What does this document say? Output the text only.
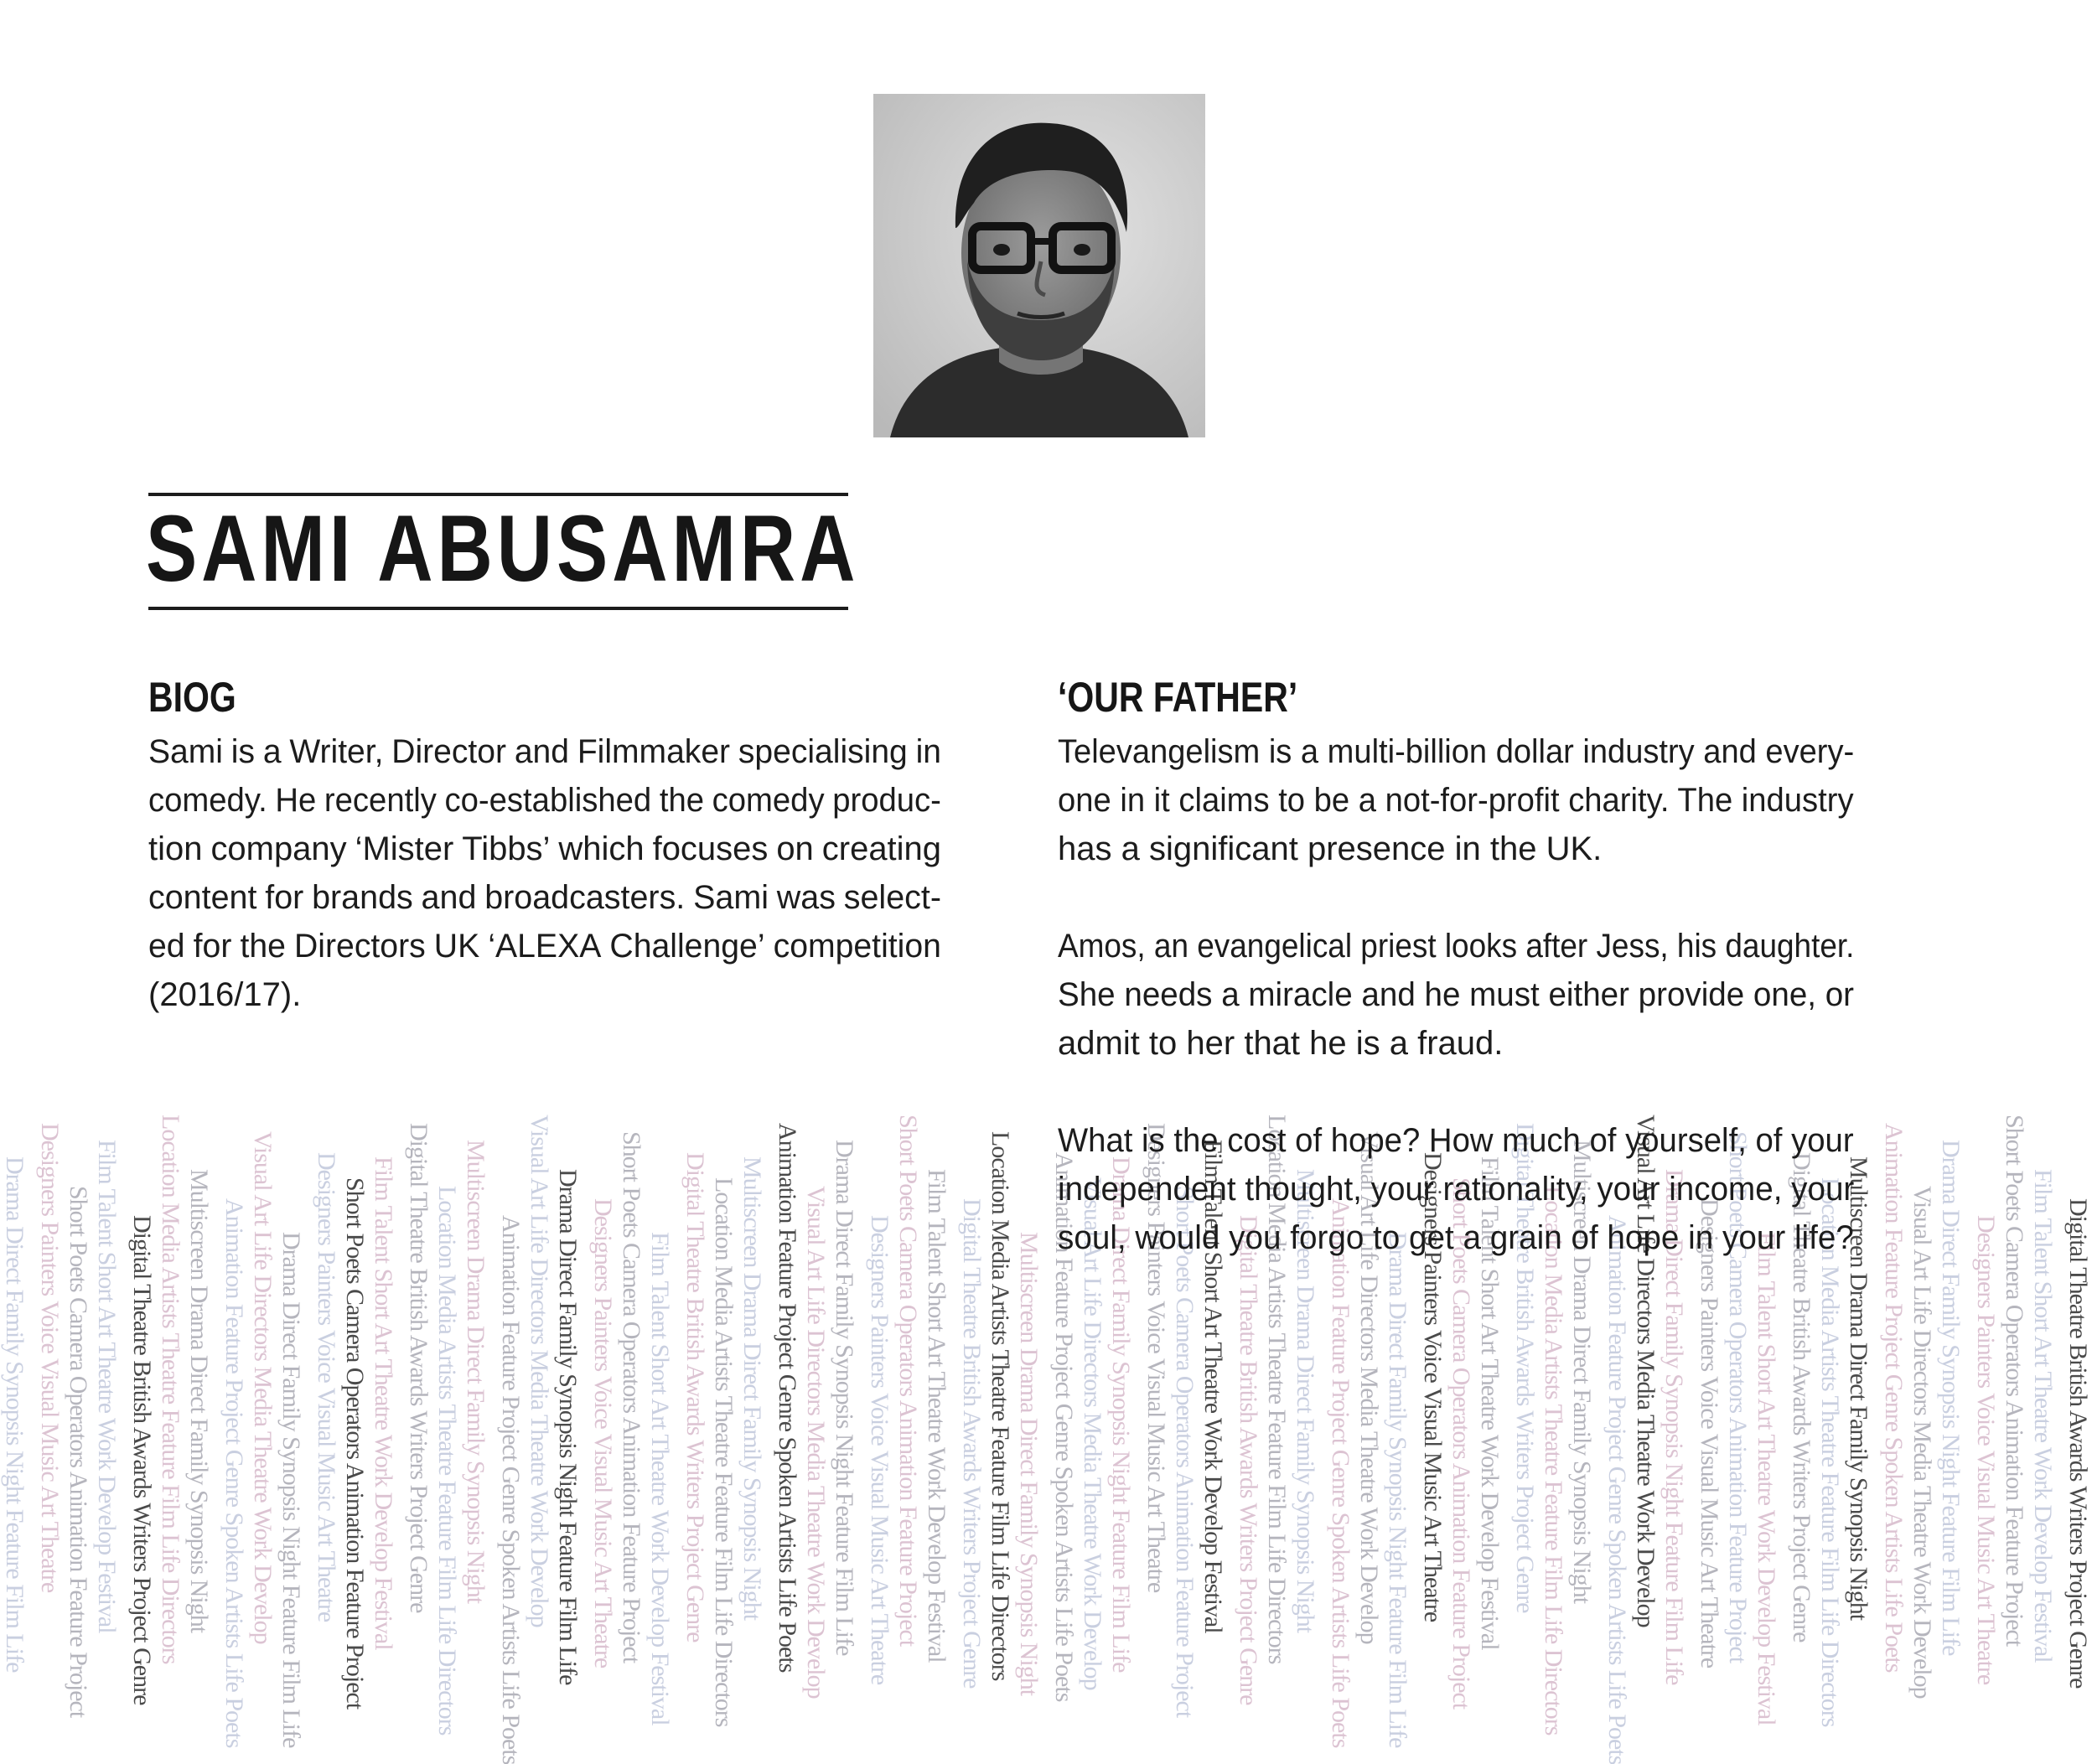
Drama Direct Family Synopsis Night Feature Film Life Designers Painters Voice Visual Music Art Theatre Short Poets Camera Operators Animation Feature Project Film Talent Short Art Theatre Work Develop Festival Digital Theatre British Awards Writers Project Genre Location Media Artists Theatre Feature Film Life Directors Multiscreen Drama Direct Family Synopsis Night Animation Feature Project Genre Spoken Artists Life Poets Visual Art Life Directors Media Theatre Work Develop Drama Direct Family Synopsis Night Feature Film Life Designers Painters Voice Visual Music Art Theatre Short Poets Camera Operators Animation Feature Project Film Talent Short Art Theatre Work Develop Festival Digital Theatre British Awards Writers Project Genre Location Media Artists Theatre Feature Film Life Directors Multiscreen Drama Direct Family Synopsis Night Animation Feature Project Genre Spoken Artists Life Poets Visual Art Life Directors Media Theatre Work Develop Drama Direct Family Synopsis Night Feature Film Life Designers Painters Voice Visual Music Art Theatre Short Poets Camera Operators Animation Feature Project Film Talent Short Art Theatre Work Develop Festival Digital Theatre British Awards Writers Project Genre Location Media Artists Theatre Feature Film Life Directors Multiscreen Drama Direct Family Synopsis Night Animation Feature Project Genre Spoken Artists Life Poets Visual Art Life Directors Media Theatre Work Develop Drama Direct Family Synopsis Night Feature Film Life Designers Painters Voice Visual Music Art Theatre Short Poets Camera Operators Animation Feature Project Film Talent Short Art Theatre Work Develop Festival Digital Theatre British Awards Writers Project Genre Location Media Artists Theatre Feature Film Life Directors Multiscreen Drama Direct Family Synopsis Night Animation Feature Project Genre Spoken Artists Life Poets Visual Art Life Directors Media Theatre Work Develop Drama Direct Family Synopsis Night Feature Film Life Designers Painters Voice Visual Music Art Theatre Short Poets Camera Operators Animation Feature Project Film Talent Short Art Theatre Work Develop Festival Digital Theatre British Awards Writers Project Genre Location Media Artists Theatre Feature Film Life Directors Multiscreen Drama Direct Family Synopsis Night Animation Feature Project Genre Spoken Artists Life Poets Visual Art Life Directors Media Theatre Work Develop Drama Direct Family Synopsis Night Feature Film Life Designers Painters Voice Visual Music Art Theatre Short Poets Camera Operators Animation Feature Project Film Talent Short Art Theatre Work Develop Festival Digital Theatre British Awards Writers Project Genre Location Media Artists Theatre Feature Film Life Directors Multiscreen Drama Direct Family Synopsis Night Animation Feature Project Genre Spoken Artists Life Poets Visual Art Life Directors Media Theatre Work Develop Drama Direct Family Synopsis Night Feature Film Life Designers Painters Voice Visual Music Art Theatre Short Poets Camera Operators Animation Feature Project Film Talent Short Art Theatre Work Develop Festival Digital Theatre British Awards Writers Project Genre Location Media Artists Theatre Feature Film Life Directors Multiscreen Drama Direct Family Synopsis Night Animation Feature Project Genre Spoken Artists Life Poets Visual Art Life Directors Media Theatre Work Develop Drama Direct Family Synopsis Night Feature Film Life Designers Painters Voice Visual Music Art Theatre Short Poets Camera Operators Animation Feature Project Film Talent Short Art Theatre Work Develop Festival Digital Theatre British Awards Writers Project Genre
SAMI ABUSAMRA
BIOG
Sami is a Writer, Director and Filmmaker specialising in
comedy. He recently co-established the comedy produc-
tion company ‘Mister Tibbs’ which focuses on creating
content for brands and broadcasters. Sami was select-
ed for the Directors UK ‘ALEXA Challenge’ competition
(2016/17).
‘OUR FATHER’
Televangelism is a multi-billion dollar industry and every-
one in it claims to be a not-for-profit charity. The industry
has a significant presence in the UK.
Amos, an evangelical priest looks after Jess, his daughter.
She needs a miracle and he must either provide one, or
admit to her that he is a fraud.
What is the cost of hope? How much of yourself, of your
independent thought, your rationality, your income, your
soul, would you forgo to get a grain of hope in your life?
